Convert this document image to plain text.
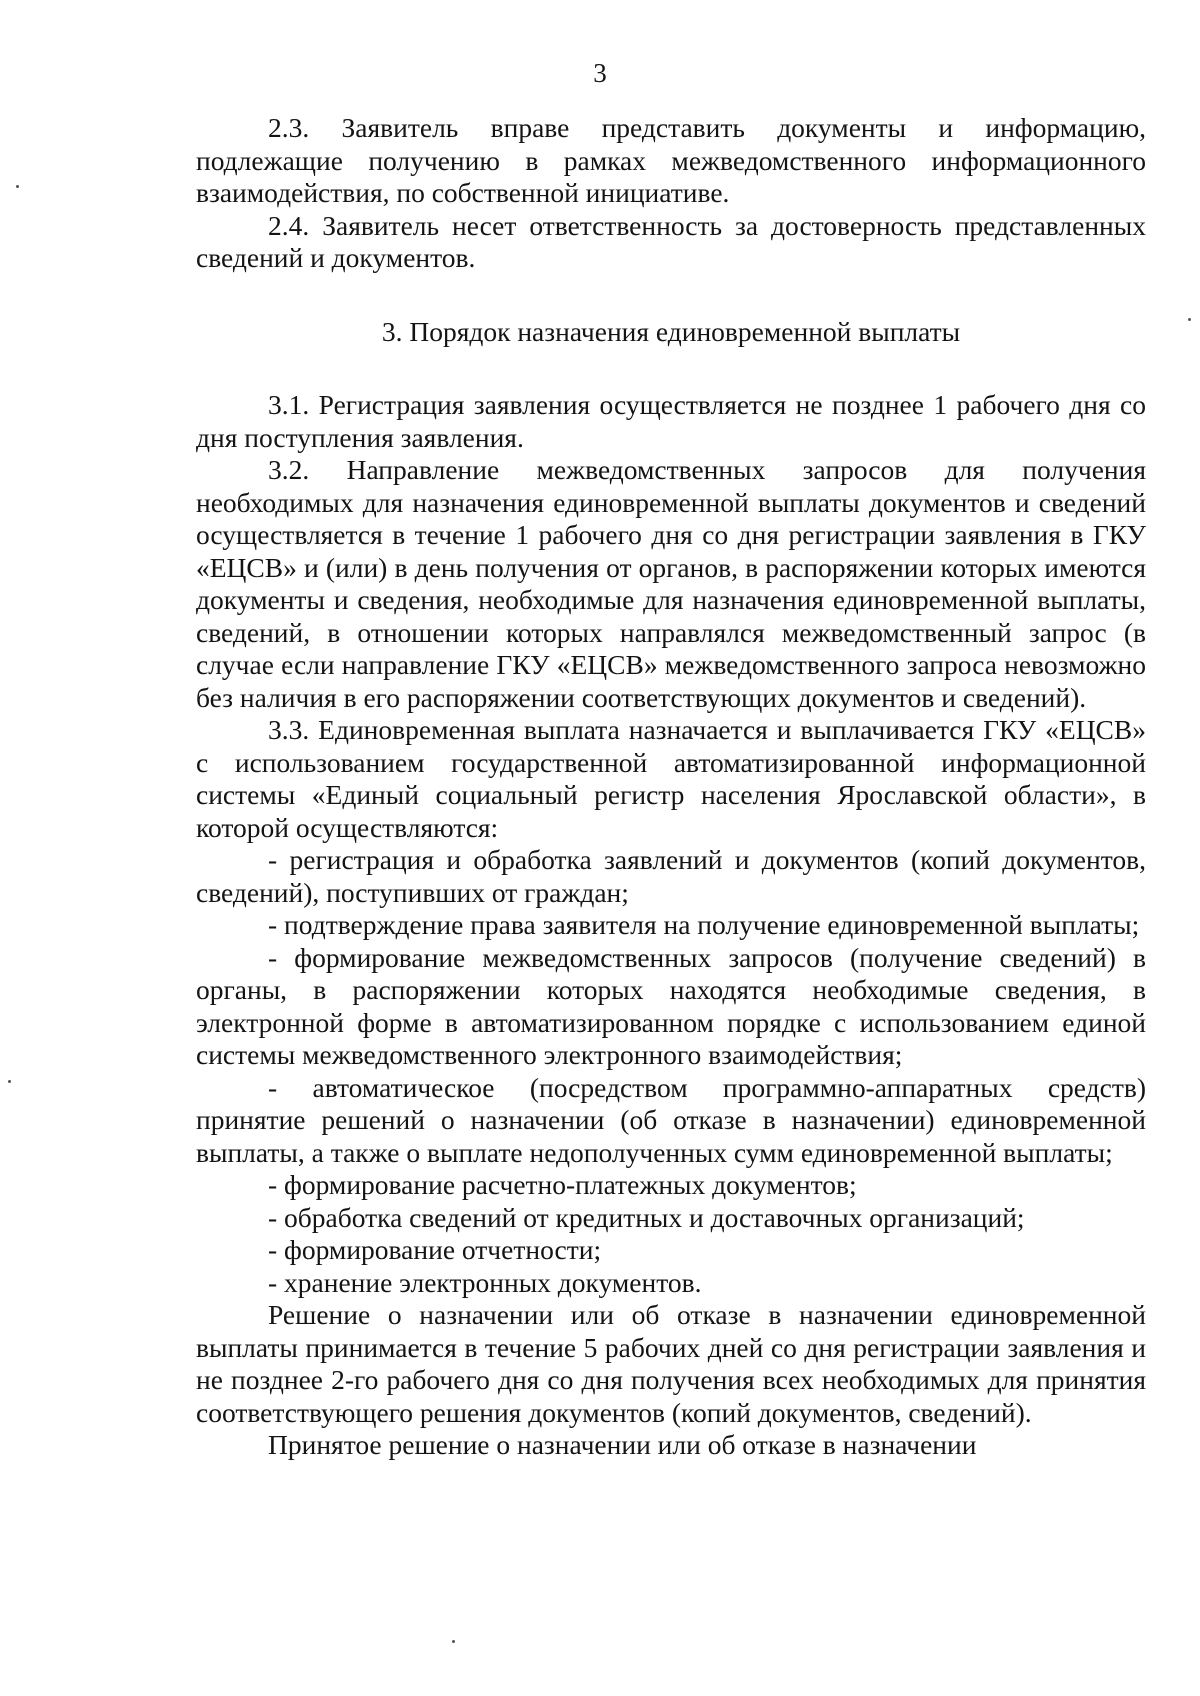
3

2.3. Заявитель вправе представить документы и информацию, подлежащие получению в рамках межведомственного информационного взаимодействия, по собственной инициативе.

2.4. Заявитель несет ответственность за достоверность представленных сведений и документов.

3. Порядок назначения единовременной выплаты

3.1. Регистрация заявления осуществляется не позднее 1 рабочего дня со дня поступления заявления.

3.2. Направление межведомственных запросов для получения необходимых для назначения единовременной выплаты документов и сведений осуществляется в течение 1 рабочего дня со дня регистрации заявления в ГКУ «ЕЦСВ» и (или) в день получения от органов, в распоряжении которых имеются документы и сведения, необходимые для назначения единовременной выплаты, сведений, в отношении которых направлялся межведомственный запрос (в случае если направление ГКУ «ЕЦСВ» межведомственного запроса невозможно без наличия в его распоряжении соответствующих документов и сведений).

3.3. Единовременная выплата назначается и выплачивается ГКУ «ЕЦСВ» с использованием государственной автоматизированной информационной системы «Единый социальный регистр населения Ярославской области», в которой осуществляются:

- регистрация и обработка заявлений и документов (копий документов, сведений), поступивших от граждан;

- подтверждение права заявителя на получение единовременной выплаты;

- формирование межведомственных запросов (получение сведений) в органы, в распоряжении которых находятся необходимые сведения, в электронной форме в автоматизированном порядке с использованием единой системы межведомственного электронного взаимодействия;

- автоматическое (посредством программно-аппаратных средств) принятие решений о назначении (об отказе в назначении) единовременной выплаты, а также о выплате недополученных сумм единовременной выплаты;

- формирование расчетно-платежных документов;

- обработка сведений от кредитных и доставочных организаций;

- формирование отчетности;

- хранение электронных документов.

Решение о назначении или об отказе в назначении единовременной выплаты принимается в течение 5 рабочих дней со дня регистрации заявления и не позднее 2-го рабочего дня со дня получения всех необходимых для принятия соответствующего решения документов (копий документов, сведений).

Принятое решение о назначении или об отказе в назначении
